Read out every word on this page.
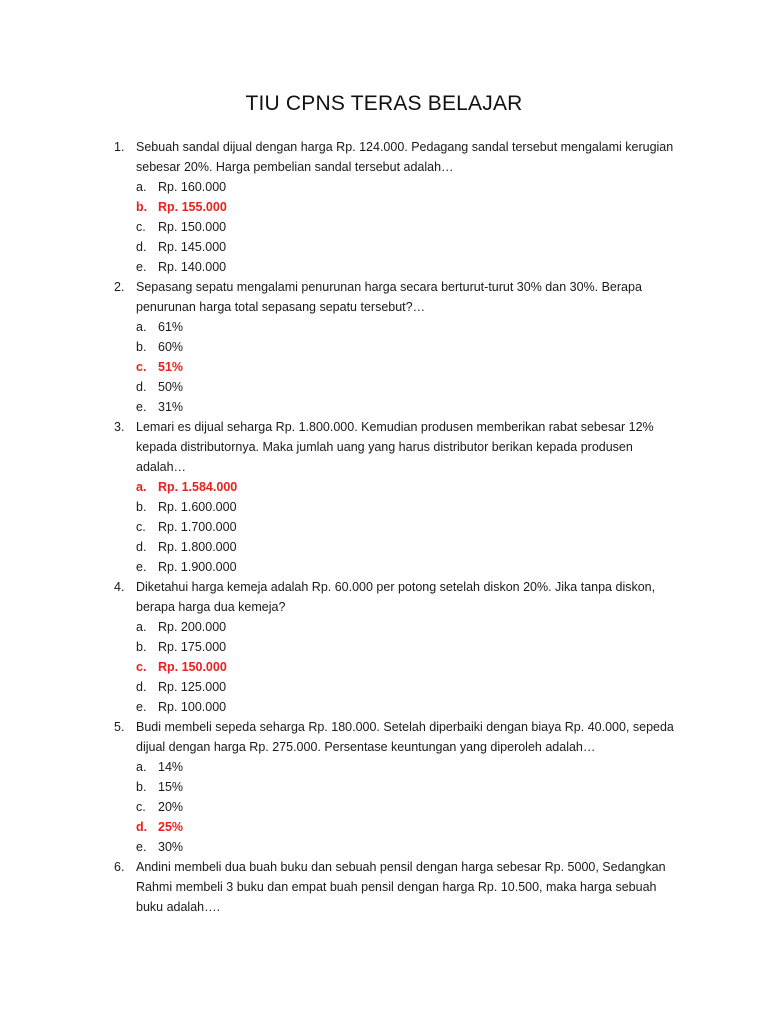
TIU CPNS TERAS BELAJAR
1. Sebuah sandal dijual dengan harga Rp. 124.000. Pedagang sandal tersebut mengalami kerugian sebesar 20%. Harga pembelian sandal tersebut adalah…
a. Rp. 160.000
b. Rp. 155.000
c. Rp. 150.000
d. Rp. 145.000
e. Rp. 140.000
2. Sepasang sepatu mengalami penurunan harga secara berturut-turut 30% dan 30%. Berapa penurunan harga total sepasang sepatu tersebut?…
a. 61%
b. 60%
c. 51%
d. 50%
e. 31%
3. Lemari es dijual seharga Rp. 1.800.000. Kemudian produsen memberikan rabat sebesar 12% kepada distributornya. Maka jumlah uang yang harus distributor berikan kepada produsen adalah…
a. Rp. 1.584.000
b. Rp. 1.600.000
c. Rp. 1.700.000
d. Rp. 1.800.000
e. Rp. 1.900.000
4. Diketahui harga kemeja adalah Rp. 60.000 per potong setelah diskon 20%. Jika tanpa diskon, berapa harga dua kemeja?
a. Rp. 200.000
b. Rp. 175.000
c. Rp. 150.000
d. Rp. 125.000
e. Rp. 100.000
5. Budi membeli sepeda seharga Rp. 180.000. Setelah diperbaiki dengan biaya Rp. 40.000, sepeda dijual dengan harga Rp. 275.000. Persentase keuntungan yang diperoleh adalah…
a. 14%
b. 15%
c. 20%
d. 25%
e. 30%
6. Andini membeli dua buah buku dan sebuah pensil dengan harga sebesar Rp. 5000, Sedangkan Rahmi membeli 3 buku dan empat buah pensil dengan harga Rp. 10.500, maka harga sebuah buku adalah….
